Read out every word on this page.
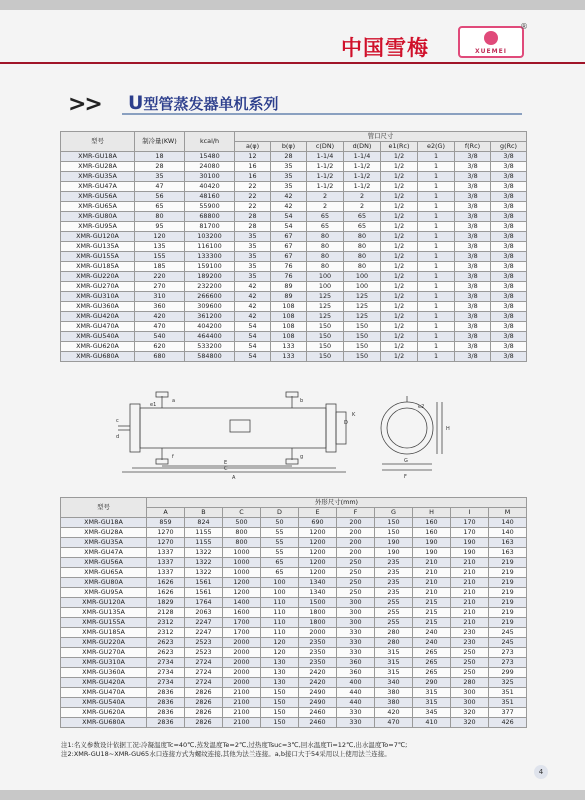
中国雪梅	XUEMEI
®
>> U型管蒸发器单机系列
型号	制冷量(KW)	kcal/h	管口尺寸							
			a(φ)	b(φ)	c(DN)	d(DN)	e1(Rc)	e2(G)	f(Rc)	g(Rc)
XMR-GU18A	18	15480	12	28	1-1/4	1-1/4	1/2	1	3/8	3/8
XMR-GU28A	28	24080	16	35	1-1/2	1-1/2	1/2	1	3/8	3/8
XMR-GU35A	35	30100	16	35	1-1/2	1-1/2	1/2	1	3/8	3/8
XMR-GU47A	47	40420	22	35	1-1/2	1-1/2	1/2	1	3/8	3/8
XMR-GU56A	56	48160	22	42	2	2	1/2	1	3/8	3/8
XMR-GU65A	65	55900	22	42	2	2	1/2	1	3/8	3/8
XMR-GU80A	80	68800	28	54	65	65	1/2	1	3/8	3/8
XMR-GU95A	95	81700	28	54	65	65	1/2	1	3/8	3/8
XMR-GU120A	120	103200	35	67	80	80	1/2	1	3/8	3/8
XMR-GU135A	135	116100	35	67	80	80	1/2	1	3/8	3/8
XMR-GU155A	155	133300	35	67	80	80	1/2	1	3/8	3/8
XMR-GU185A	185	159100	35	76	80	80	1/2	1	3/8	3/8
XMR-GU220A	220	189200	35	76	100	100	1/2	1	3/8	3/8
XMR-GU270A	270	232200	42	89	100	100	1/2	1	3/8	3/8
XMR-GU310A	310	266600	42	89	125	125	1/2	1	3/8	3/8
XMR-GU360A	360	309600	42	108	125	125	1/2	1	3/8	3/8
XMR-GU420A	420	361200	42	108	125	125	1/2	1	3/8	3/8
XMR-GU470A	470	404200	54	108	150	150	1/2	1	3/8	3/8
XMR-GU540A	540	464400	54	108	150	150	1/2	1	3/8	3/8
XMR-GU620A	620	533200	54	133	150	150	1/2	1	3/8	3/8
XMR-GU680A	680	584800	54	133	150	150	1/2	1	3/8	3/8
a
e1
b
c
d
f	g
e2
E
C
A
D
K
G
F
H
型号	外形尺寸(mm)									
	A	B	C	D	E	F	G	H	I	M
XMR-GU18A	859	824	500	50	690	200	150	160	170	140
XMR-GU28A	1270	1155	800	55	1200	200	150	160	170	140
XMR-GU35A	1270	1155	800	55	1200	200	190	190	190	163
XMR-GU47A	1337	1322	1000	55	1200	200	190	190	190	163
XMR-GU56A	1337	1322	1000	65	1200	250	235	210	210	219
XMR-GU65A	1337	1322	1000	65	1200	250	235	210	210	219
XMR-GU80A	1626	1561	1200	100	1340	250	235	210	210	219
XMR-GU95A	1626	1561	1200	100	1340	250	235	210	210	219
XMR-GU120A	1829	1764	1400	110	1500	300	255	215	210	219
XMR-GU135A	2128	2063	1600	110	1800	300	255	215	210	219
XMR-GU155A	2312	2247	1700	110	1800	300	255	215	210	219
XMR-GU185A	2312	2247	1700	110	2000	330	280	240	230	245
XMR-GU220A	2623	2523	2000	120	2350	330	280	240	230	245
XMR-GU270A	2623	2523	2000	120	2350	330	315	265	250	273
XMR-GU310A	2734	2724	2000	130	2350	360	315	265	250	273
XMR-GU360A	2734	2724	2000	130	2420	360	315	265	250	299
XMR-GU420A	2734	2724	2000	130	2420	400	340	290	280	325
XMR-GU470A	2836	2826	2100	150	2490	440	380	315	300	351
XMR-GU540A	2836	2826	2100	150	2490	440	380	315	300	351
XMR-GU620A	2836	2826	2100	150	2460	330	420	345	320	377
XMR-GU680A	2836	2826	2100	150	2460	330	470	410	320	426
注1:名义参数设计依据工况:冷凝温度Tc=40℃,蒸发温度Te=2℃,过热度Tsuc=3℃,回水温度Ti=12℃,出水温度To=7℃;
注2:XMR-GU18~XMR-GU65水口连接方式为螺纹连接,其他为法兰连接。a,b接口大于54采用以上使用法兰连接。
4
